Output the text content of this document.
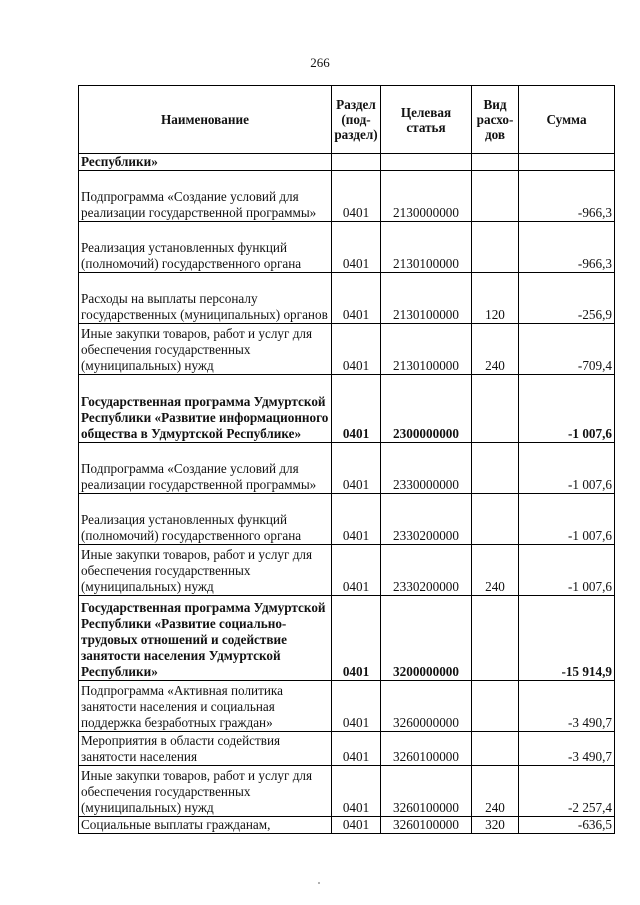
266
Наименование	Раздел (под-раздел)	Целевая статья	Вид расхо-дов	Сумма
Республики»				
Подпрограмма «Создание условий для реализации государственной программы»	0401	2130000000		-966,3
Реализация установленных функций (полномочий) государственного органа	0401	2130100000		-966,3
Расходы на выплаты персоналу государственных (муниципальных) органов	0401	2130100000	120	-256,9
Иные закупки товаров, работ и услуг для обеспечения государственных (муниципальных) нужд	0401	2130100000	240	-709,4
Государственная программа Удмуртской Республики «Развитие информационного общества в Удмуртской Республике»	0401	2300000000		-1 007,6
Подпрограмма «Создание условий для реализации государственной программы»	0401	2330000000		-1 007,6
Реализация установленных функций (полномочий) государственного органа	0401	2330200000		-1 007,6
Иные закупки товаров, работ и услуг для обеспечения государственных (муниципальных) нужд	0401	2330200000	240	-1 007,6
Государственная программа Удмуртской Республики «Развитие социально-трудовых отношений и содействие занятости населения Удмуртской Республики»	0401	3200000000		-15 914,9
Подпрограмма «Активная политика занятости населения и социальная поддержка безработных граждан»	0401	3260000000		-3 490,7
Мероприятия в области содействия занятости населения	0401	3260100000		-3 490,7
Иные закупки товаров, работ и услуг для обеспечения государственных (муниципальных) нужд	0401	3260100000	240	-2 257,4
Социальные выплаты гражданам,	0401	3260100000	320	-636,5
